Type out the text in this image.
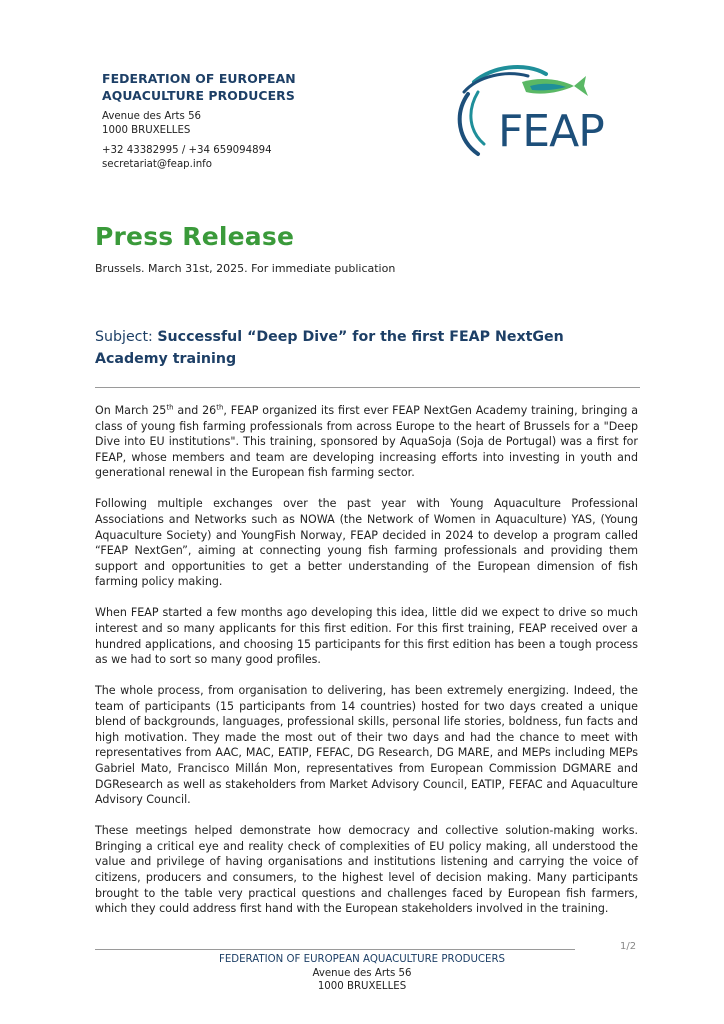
FEDERATION OF EUROPEAN
AQUACULTURE PRODUCERS
Avenue des Arts 56
1000 BRUXELLES
+32 43382995 / +34 659094894
secretariat@feap.info
FEAP
Press Release
Brussels. March 31st, 2025. For immediate publication
Subject: Successful “Deep Dive” for the first FEAP NextGen
Academy training

On March 25th and 26th, FEAP organized its first ever FEAP NextGen Academy training, bringing a class of young fish farming professionals from across Europe to the heart of Brussels for a "Deep Dive into EU institutions". This training, sponsored by AquaSoja (Soja de Portugal) was a first for FEAP, whose members and team are developing increasing efforts into investing in youth and generational renewal in the European fish farming sector.

Following multiple exchanges over the past year with Young Aquaculture Professional Associations and Networks such as NOWA (the Network of Women in Aquaculture) YAS, (Young Aquaculture Society) and YoungFish Norway, FEAP decided in 2024 to develop a program called “FEAP NextGen”, aiming at connecting young fish farming professionals and providing them support and opportunities to get a better understanding of the European dimension of fish farming policy making.

When FEAP started a few months ago developing this idea, little did we expect to drive so much interest and so many applicants for this first edition. For this first training, FEAP received over a hundred applications, and choosing 15 participants for this first edition has been a tough process as we had to sort so many good profiles.

The whole process, from organisation to delivering, has been extremely energizing. Indeed, the team of participants (15 participants from 14 countries) hosted for two days created a unique blend of backgrounds, languages, professional skills, personal life stories, boldness, fun facts and high motivation. They made the most out of their two days and had the chance to meet with representatives from AAC, MAC, EATIP, FEFAC, DG Research, DG MARE, and MEPs including MEPs Gabriel Mato, Francisco Millán Mon, representatives from European Commission DGMARE and DGResearch as well as stakeholders from Market Advisory Council, EATIP, FEFAC and Aquaculture Advisory Council.

These meetings helped demonstrate how democracy and collective solution-making works. Bringing a critical eye and reality check of complexities of EU policy making, all understood the value and privilege of having organisations and institutions listening and carrying the voice of citizens, producers and consumers, to the highest level of decision making. Many participants brought to the table very practical questions and challenges faced by European fish farmers, which they could address first hand with the European stakeholders involved in the training.

1/2
FEDERATION OF EUROPEAN AQUACULTURE PRODUCERS
Avenue des Arts 56
1000 BRUXELLES
